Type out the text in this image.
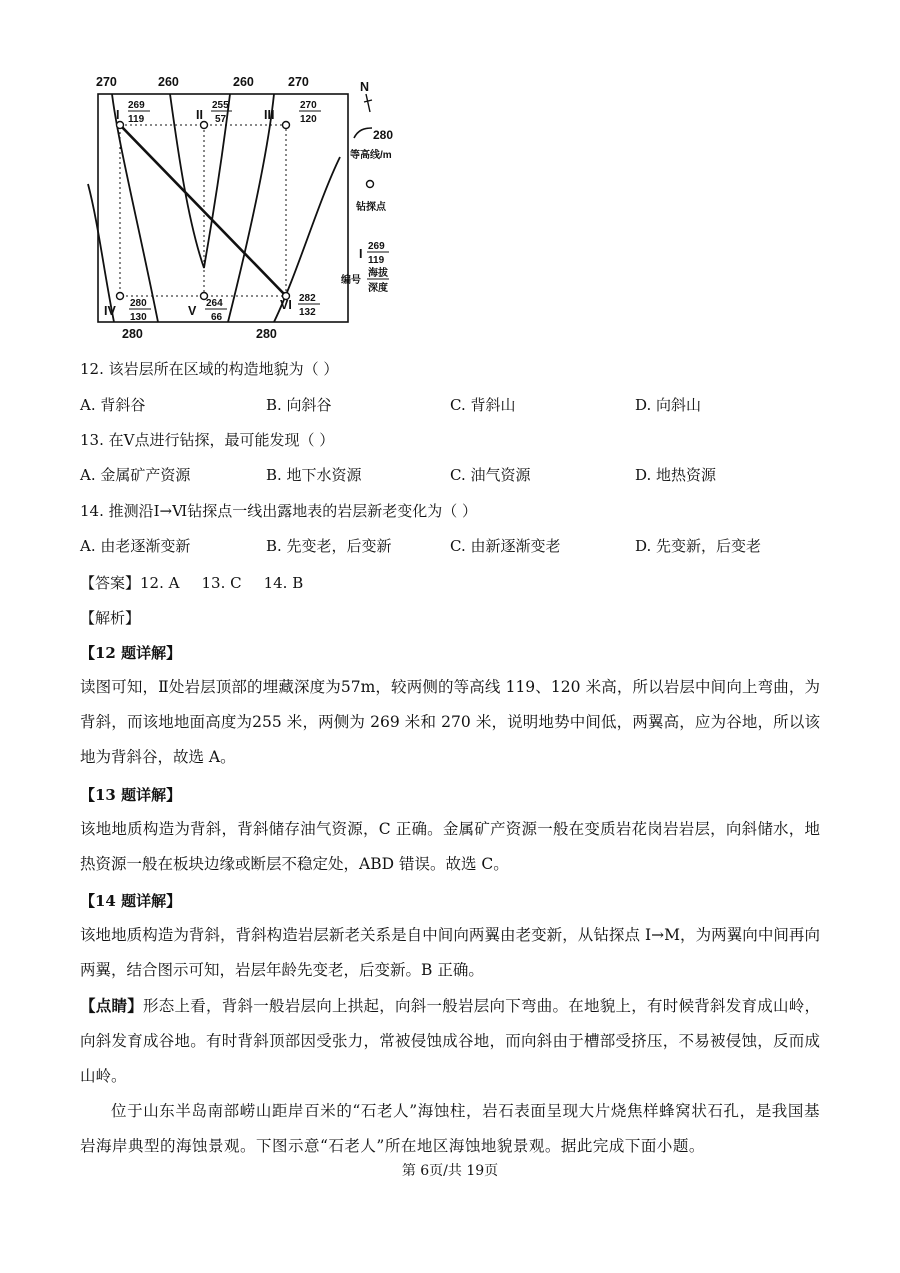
270	260	260	270
280	280
I
269
119	II
255
57	III
270
120
IV
280
130	V
264
66
VI 282
132
N
280
等高线/m
钻探点
I
269
119
海拔
深度
编号
12. 该岩层所在区域的构造地貌为（ ）
A. 背斜谷	B. 向斜谷	C. 背斜山	D. 向斜山
13. 在Ⅴ点进行钻探，最可能发现（ ）
A. 金属矿产资源	B. 地下水资源	C. 油气资源	D. 地热资源
14. 推测沿Ⅰ→Ⅵ钻探点一线出露地表的岩层新老变化为（ ）
A. 由老逐渐变新	B. 先变老，后变新	C. 由新逐渐变老	D. 先变新，后变老
【答案】12. A 13. C 14. B
【解析】
【12 题详解】
读图可知，Ⅱ处岩层顶部的埋藏深度为57m，较两侧的等高线 119、120 米高，所以岩层中间向上弯曲，为背斜，而该地地面高度为255 米，两侧为 269 米和 270 米，说明地势中间低，两翼高，应为谷地，所以该地为背斜谷，故选 A。
【13 题详解】
该地地质构造为背斜，背斜储存油气资源，C 正确。金属矿产资源一般在变质岩花岗岩岩层，向斜储水，地热资源一般在板块边缘或断层不稳定处，ABD 错误。故选 C。
【14 题详解】
该地地质构造为背斜，背斜构造岩层新老关系是自中间向两翼由老变新，从钻探点 I→M，为两翼向中间再向两翼，结合图示可知，岩层年龄先变老，后变新。B 正确。
【点睛】形态上看，背斜一般岩层向上拱起，向斜一般岩层向下弯曲。在地貌上，有时候背斜发育成山岭，向斜发育成谷地。有时背斜顶部因受张力，常被侵蚀成谷地，而向斜由于槽部受挤压，不易被侵蚀，反而成山岭。
位于山东半岛南部崂山距岸百米的“石老人”海蚀柱，岩石表面呈现大片烧焦样蜂窝状石孔，是我国基岩海岸典型的海蚀景观。下图示意“石老人”所在地区海蚀地貌景观。据此完成下面小题。
第 6页/共 19页
